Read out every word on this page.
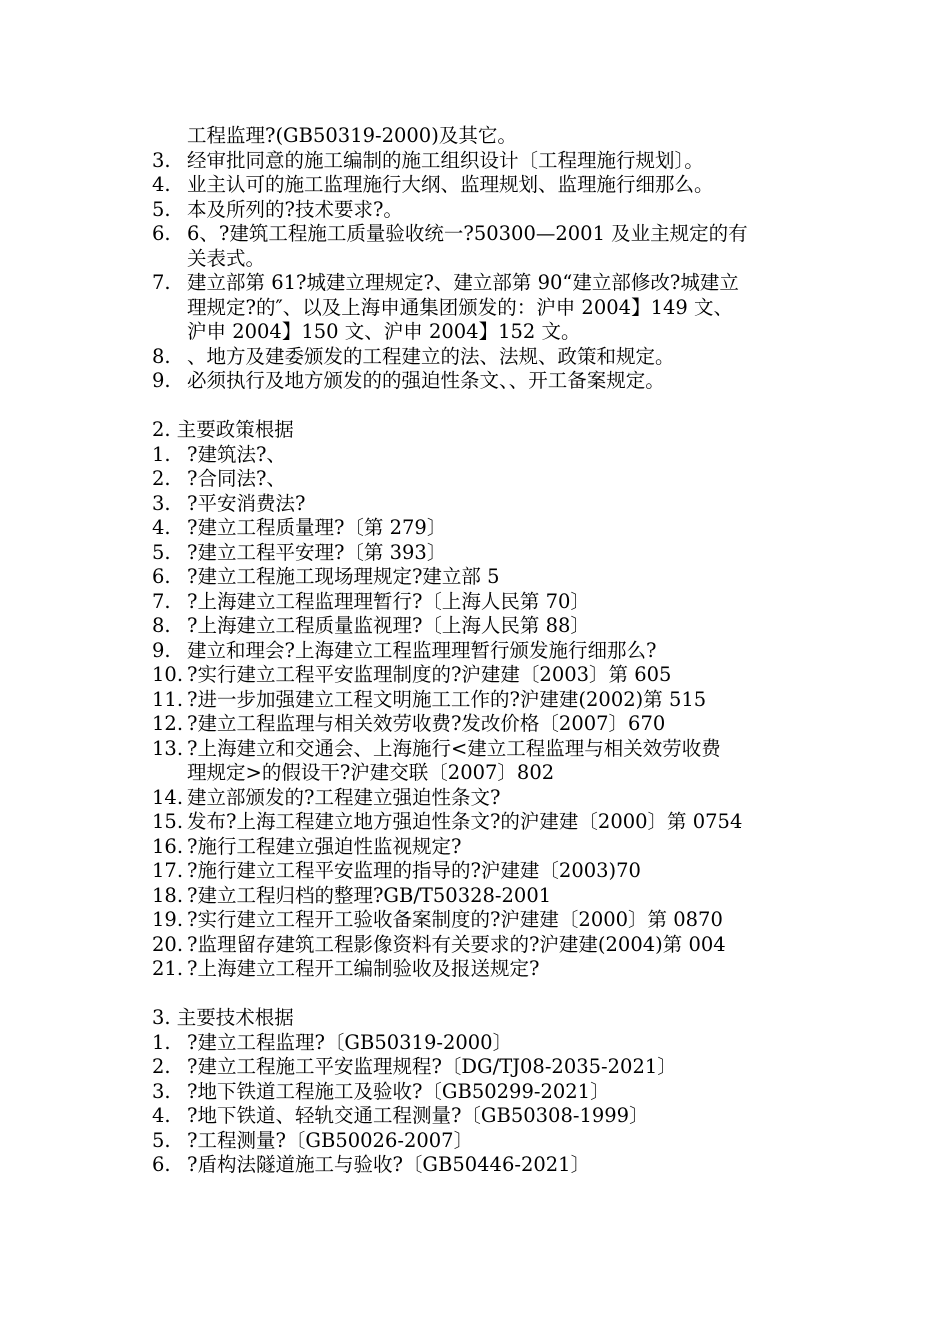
工程监理?(GB50319-2000)及其它。
3. 经审批同意的施工编制的施工组织设计〔工程理施行规划〕。
4. 业主认可的施工监理施行大纲、监理规划、监理施行细那么。
5. 本及所列的?技术要求?。
6. 6、?建筑工程施工质量验收统一?50300—2001 及业主规定的有
关表式。
7. 建立部第 61?城建立理规定?、建立部第 90“建立部修改?城建立
理规定?的″、以及上海申通集团颁发的：沪申 2004】149 文、
沪申 2004】150 文、沪申 2004】152 文。
8. 、地方及建委颁发的工程建立的法、法规、政策和规定。
9. 必须执行及地方颁发的的强迫性条文、、开工备案规定。
2. 主要政策根据
1. ?建筑法?、
2. ?合同法?、
3. ?平安消费法?
4. ?建立工程质量理?〔第 279〕
5. ?建立工程平安理?〔第 393〕
6. ?建立工程施工现场理规定?建立部 5
7. ?上海建立工程监理理暂行?〔上海人民第 70〕
8. ?上海建立工程质量监视理?〔上海人民第 88〕
9. 建立和理会?上海建立工程监理理暂行颁发施行细那么?
10. ?实行建立工程平安监理制度的?沪建建〔2003〕第 605
11. ?进一步加强建立工程文明施工工作的?沪建建(2002)第 515
12. ?建立工程监理与相关效劳收费?发改价格〔2007〕670
13. ?上海建立和交通会、上海施行<建立工程监理与相关效劳收费
理规定>的假设干?沪建交联〔2007〕802
14. 建立部颁发的?工程建立强迫性条文?
15. 发布?上海工程建立地方强迫性条文?的沪建建〔2000〕第 0754
16. ?施行工程建立强迫性监视规定?
17. ?施行建立工程平安监理的指导的?沪建建〔2003)70
18. ?建立工程归档的整理?GB/T50328-2001
19. ?实行建立工程开工验收备案制度的?沪建建〔2000〕第 0870
20. ?监理留存建筑工程影像资料有关要求的?沪建建(2004)第 004
21. ?上海建立工程开工编制验收及报送规定?
3. 主要技术根据
1. ?建立工程监理?〔GB50319-2000〕
2. ?建立工程施工平安监理规程?〔DG/TJ08-2035-2021〕
3. ?地下铁道工程施工及验收?〔GB50299-2021〕
4. ?地下铁道、轻轨交通工程测量?〔GB50308-1999〕
5. ?工程测量?〔GB50026-2007〕
6. ?盾构法隧道施工与验收?〔GB50446-2021〕
